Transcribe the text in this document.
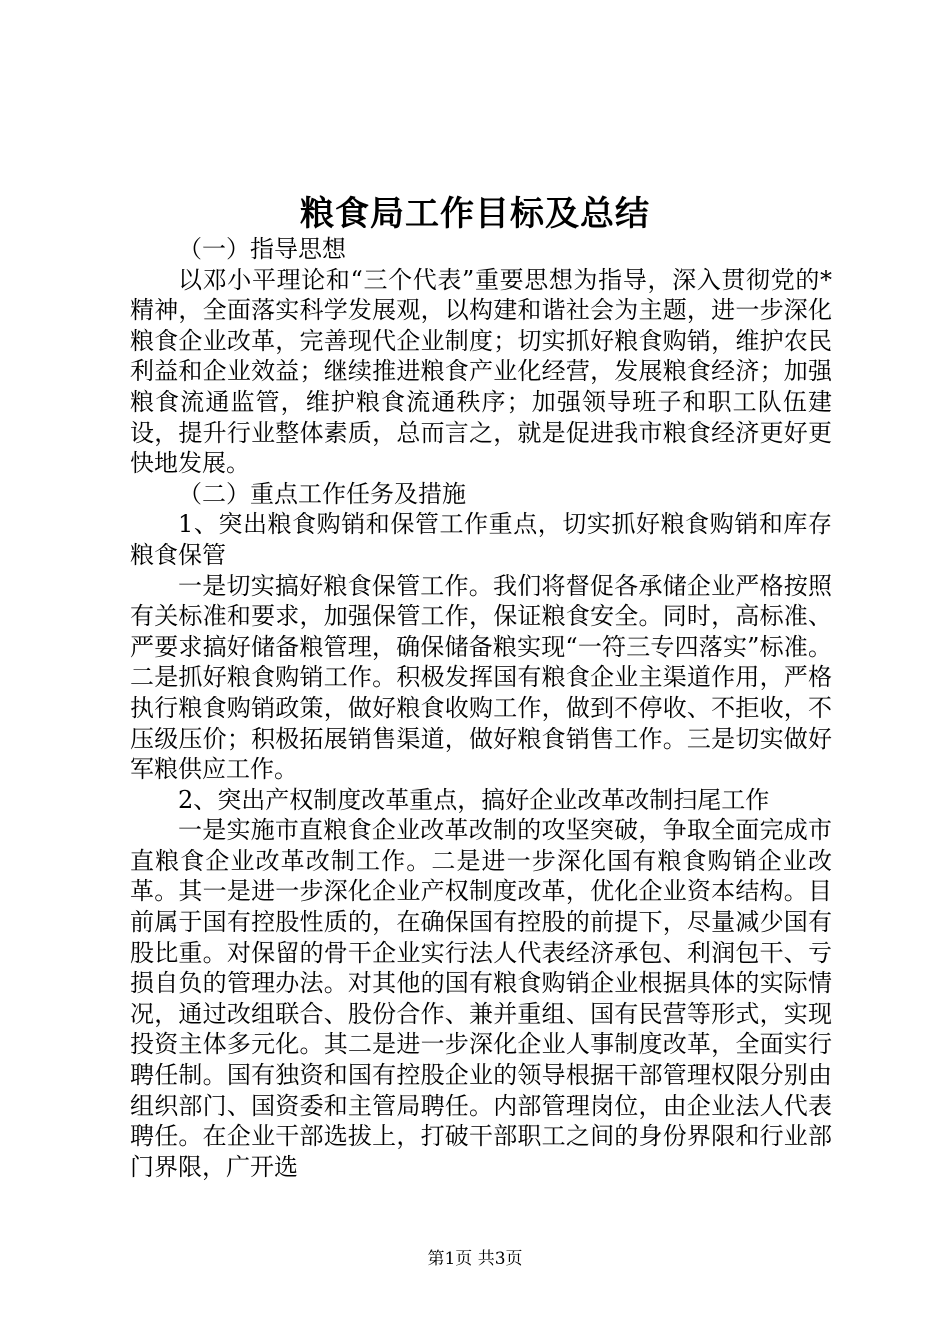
粮食局工作目标及总结

（一）指导思想

以邓小平理论和“三个代表”重要思想为指导，深入贯彻党的*精神，全面落实科学发展观，以构建和谐社会为主题，进一步深化粮食企业改革，完善现代企业制度；切实抓好粮食购销，维护农民利益和企业效益；继续推进粮食产业化经营，发展粮食经济；加强粮食流通监管，维护粮食流通秩序；加强领导班子和职工队伍建设，提升行业整体素质，总而言之，就是促进我市粮食经济更好更快地发展。

（二）重点工作任务及措施

1、突出粮食购销和保管工作重点，切实抓好粮食购销和库存粮食保管

一是切实搞好粮食保管工作。我们将督促各承储企业严格按照有关标准和要求，加强保管工作，保证粮食安全。同时，高标准、严要求搞好储备粮管理，确保储备粮实现“一符三专四落实”标准。二是抓好粮食购销工作。积极发挥国有粮食企业主渠道作用，严格执行粮食购销政策，做好粮食收购工作，做到不停收、不拒收，不压级压价；积极拓展销售渠道，做好粮食销售工作。三是切实做好军粮供应工作。

2、突出产权制度改革重点，搞好企业改革改制扫尾工作

一是实施市直粮食企业改革改制的攻坚突破，争取全面完成市直粮食企业改革改制工作。二是进一步深化国有粮食购销企业改革。其一是进一步深化企业产权制度改革，优化企业资本结构。目前属于国有控股性质的，在确保国有控股的前提下，尽量减少国有股比重。对保留的骨干企业实行法人代表经济承包、利润包干、亏损自负的管理办法。对其他的国有粮食购销企业根据具体的实际情况，通过改组联合、股份合作、兼并重组、国有民营等形式，实现投资主体多元化。其二是进一步深化企业人事制度改革，全面实行聘任制。国有独资和国有控股企业的领导根据干部管理权限分别由组织部门、国资委和主管局聘任。内部管理岗位，由企业法人代表聘任。在企业干部选拔上，打破干部职工之间的身份界限和行业部门界限，广开选

第1页 共3页
